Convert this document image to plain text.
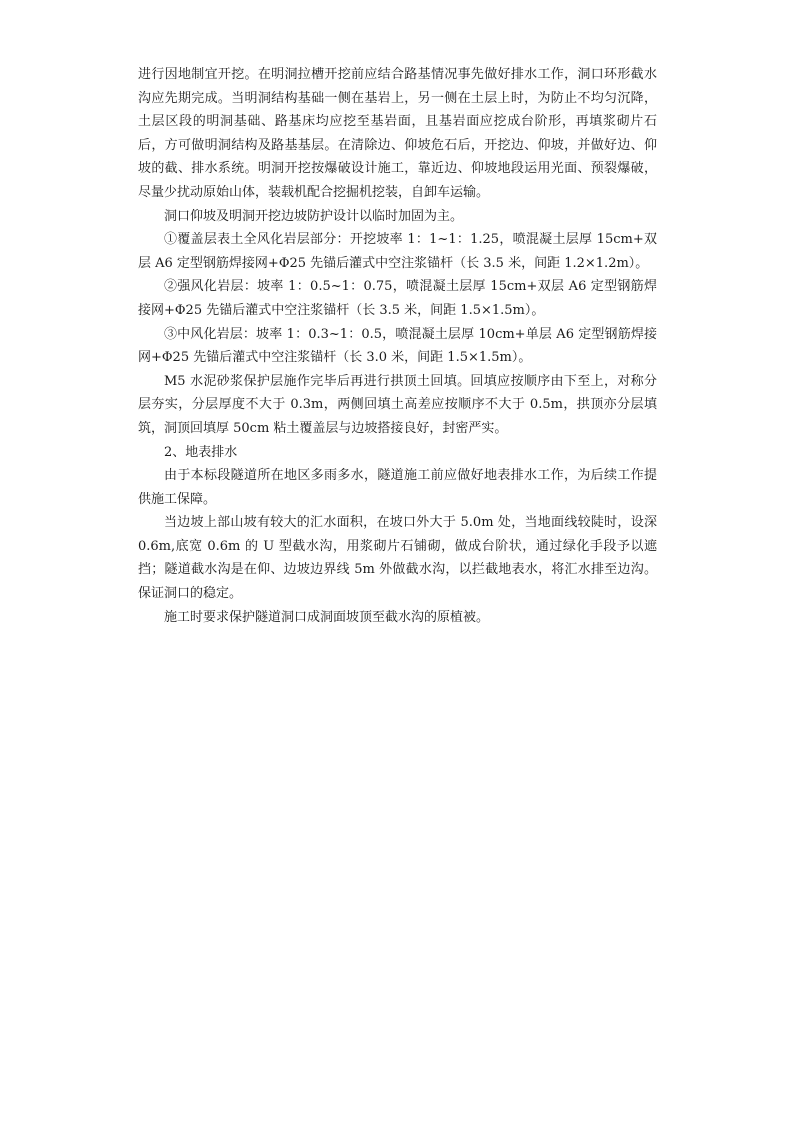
进行因地制宜开挖。在明洞拉槽开挖前应结合路基情况事先做好排水工作，洞口环形截水沟应先期完成。当明洞结构基础一侧在基岩上，另一侧在土层上时，为防止不均匀沉降，土层区段的明洞基础、路基床均应挖至基岩面，且基岩面应挖成台阶形，再填浆砌片石后，方可做明洞结构及路基基层。在清除边、仰坡危石后，开挖边、仰坡，并做好边、仰坡的截、排水系统。明洞开挖按爆破设计施工，靠近边、仰坡地段运用光面、预裂爆破，尽量少扰动原始山体，装载机配合挖掘机挖装，自卸车运输。

洞口仰坡及明洞开挖边坡防护设计以临时加固为主。

①覆盖层表土全风化岩层部分：开挖坡率 1：1~1：1.25，喷混凝土层厚 15cm+双层 A6 定型钢筋焊接网+Φ25 先锚后灌式中空注浆锚杆（长 3.5 米，间距 1.2×1.2m）。

②强风化岩层：坡率 1：0.5~1：0.75，喷混凝土层厚 15cm+双层 A6 定型钢筋焊接网+Φ25 先锚后灌式中空注浆锚杆（长 3.5 米，间距 1.5×1.5m）。

③中风化岩层：坡率 1：0.3~1：0.5，喷混凝土层厚 10cm+单层 A6 定型钢筋焊接网+Φ25 先锚后灌式中空注浆锚杆（长 3.0 米，间距 1.5×1.5m）。

M5 水泥砂浆保护层施作完毕后再进行拱顶土回填。回填应按顺序由下至上，对称分层夯实，分层厚度不大于 0.3m，两侧回填土高差应按顺序不大于 0.5m，拱顶亦分层填筑，洞顶回填厚 50cm 粘土覆盖层与边坡搭接良好，封密严实。

2、地表排水

由于本标段隧道所在地区多雨多水，隧道施工前应做好地表排水工作，为后续工作提供施工保障。

当边坡上部山坡有较大的汇水面积，在坡口外大于 5.0m 处，当地面线较陡时，设深 0.6m,底宽 0.6m 的 U 型截水沟，用浆砌片石铺砌，做成台阶状，通过绿化手段予以遮挡；隧道截水沟是在仰、边坡边界线 5m 外做截水沟，以拦截地表水，将汇水排至边沟。保证洞口的稳定。

施工时要求保护隧道洞口成洞面坡顶至截水沟的原植被。
